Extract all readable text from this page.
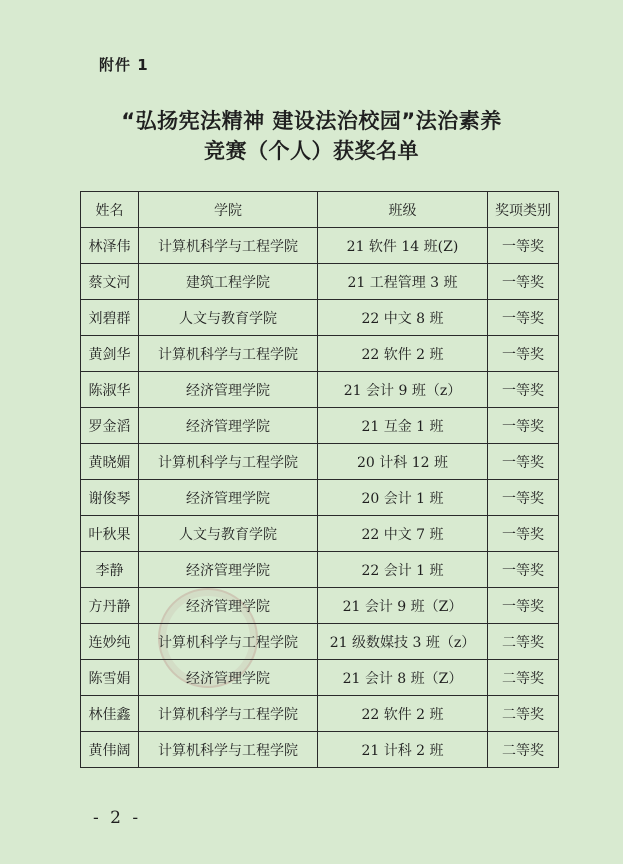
附件 1
“弘扬宪法精神 建设法治校园”法治素养
竞赛（个人）获奖名单
姓名	学院	班级	奖项类别
林泽伟	计算机科学与工程学院	21 软件 14 班(Z)	一等奖
蔡文河	建筑工程学院	21 工程管理 3 班	一等奖
刘碧群	人文与教育学院	22 中文 8 班	一等奖
黄剑华	计算机科学与工程学院	22 软件 2 班	一等奖
陈淑华	经济管理学院	21 会计 9 班（z）	一等奖
罗金滔	经济管理学院	21 互金 1 班	一等奖
黄晓媚	计算机科学与工程学院	20 计科 12 班	一等奖
谢俊琴	经济管理学院	20 会计 1 班	一等奖
叶秋果	人文与教育学院	22 中文 7 班	一等奖
李静	经济管理学院	22 会计 1 班	一等奖
方丹静	经济管理学院	21 会计 9 班（Z）	一等奖
连妙纯	计算机科学与工程学院	21 级数媒技 3 班（z）	二等奖
陈雪娟	经济管理学院	21 会计 8 班（Z）	二等奖
林佳鑫	计算机科学与工程学院	22 软件 2 班	二等奖
黄伟阔	计算机科学与工程学院	21 计科 2 班	二等奖
- 2 -
